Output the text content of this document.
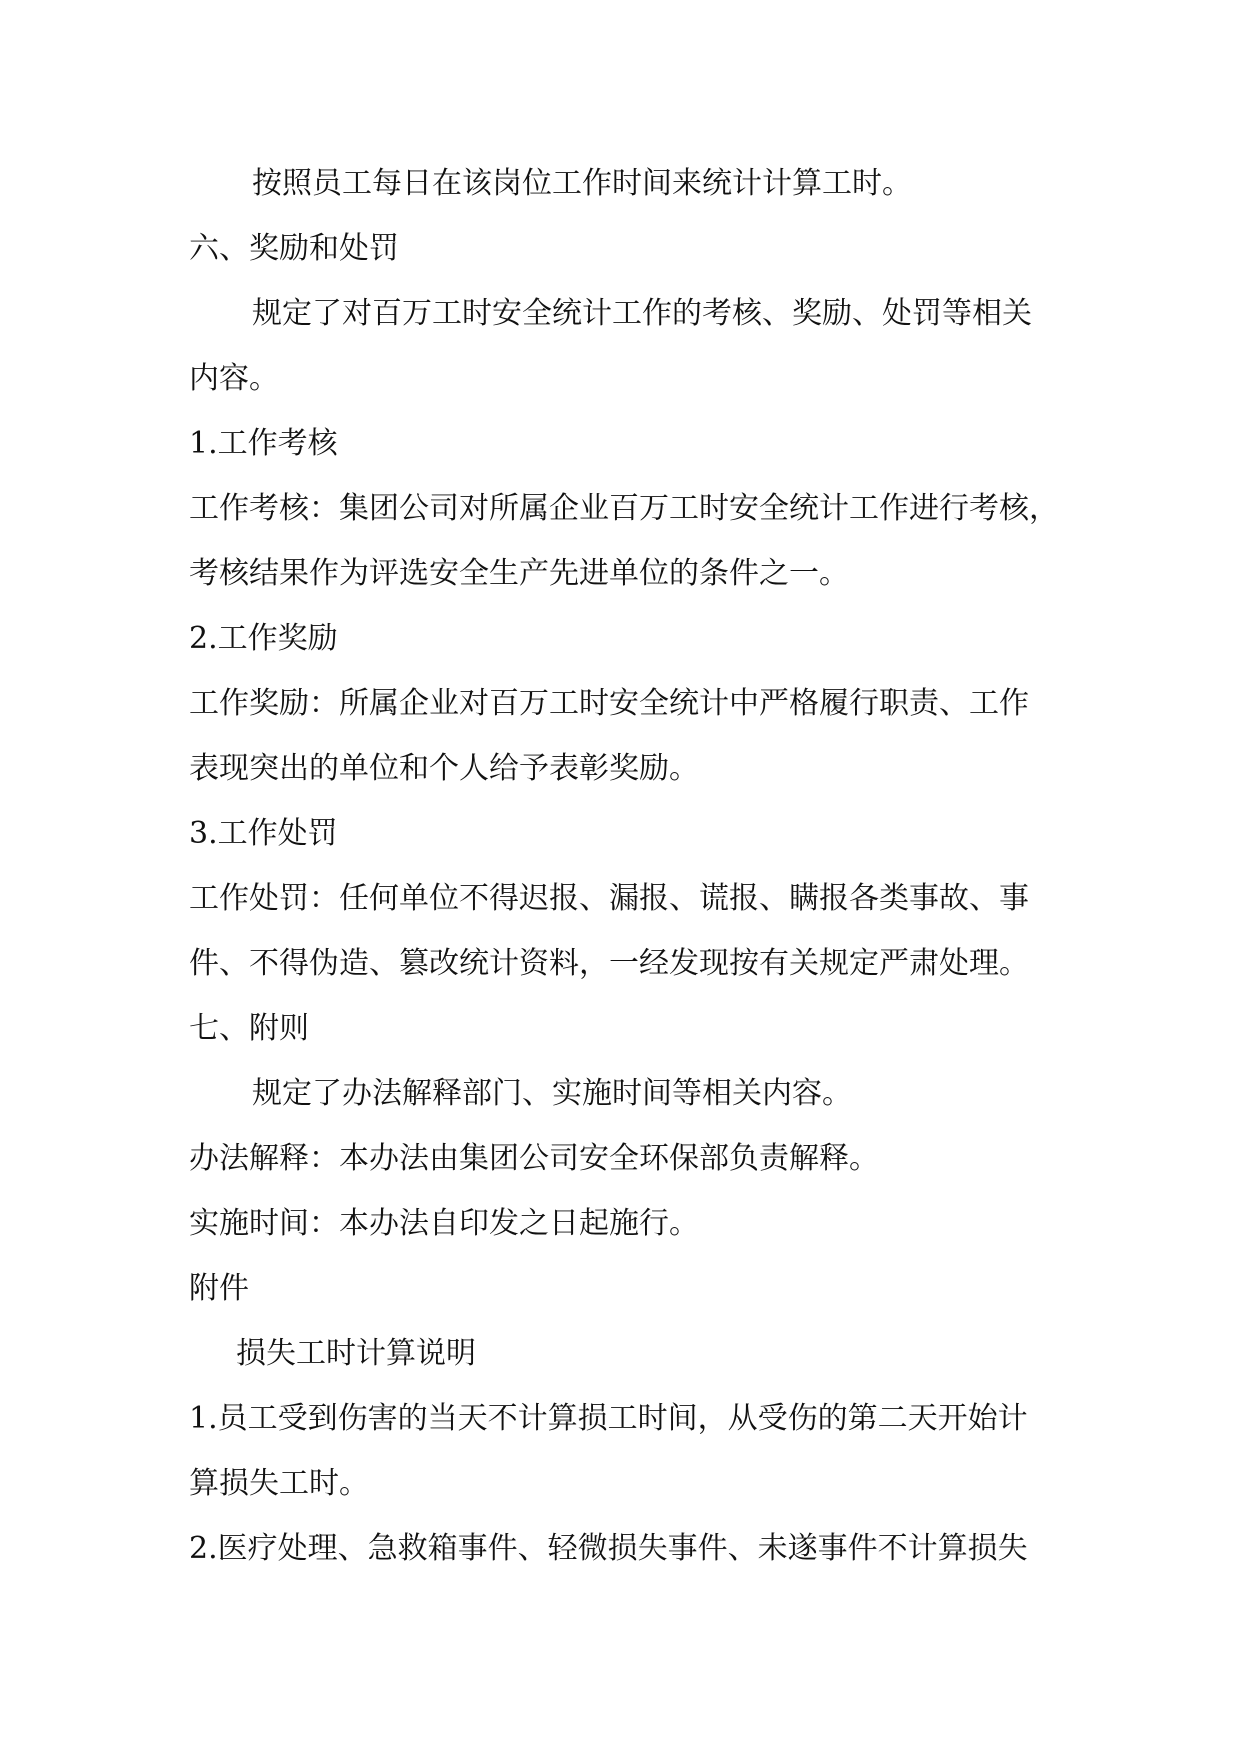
按照员工每日在该岗位工作时间来统计计算工时。
六、奖励和处罚
规定了对百万工时安全统计工作的考核、奖励、处罚等相关
内容。
1.工作考核
工作考核：集团公司对所属企业百万工时安全统计工作进行考核，
考核结果作为评选安全生产先进单位的条件之一。
2.工作奖励
工作奖励：所属企业对百万工时安全统计中严格履行职责、工作
表现突出的单位和个人给予表彰奖励。
3.工作处罚
工作处罚：任何单位不得迟报、漏报、谎报、瞒报各类事故、事
件、不得伪造、篡改统计资料，一经发现按有关规定严肃处理。
七、附则
规定了办法解释部门、实施时间等相关内容。
办法解释：本办法由集团公司安全环保部负责解释。
实施时间：本办法自印发之日起施行。
附件
损失工时计算说明
1.员工受到伤害的当天不计算损工时间，从受伤的第二天开始计
算损失工时。
2.医疗处理、急救箱事件、轻微损失事件、未遂事件不计算损失
